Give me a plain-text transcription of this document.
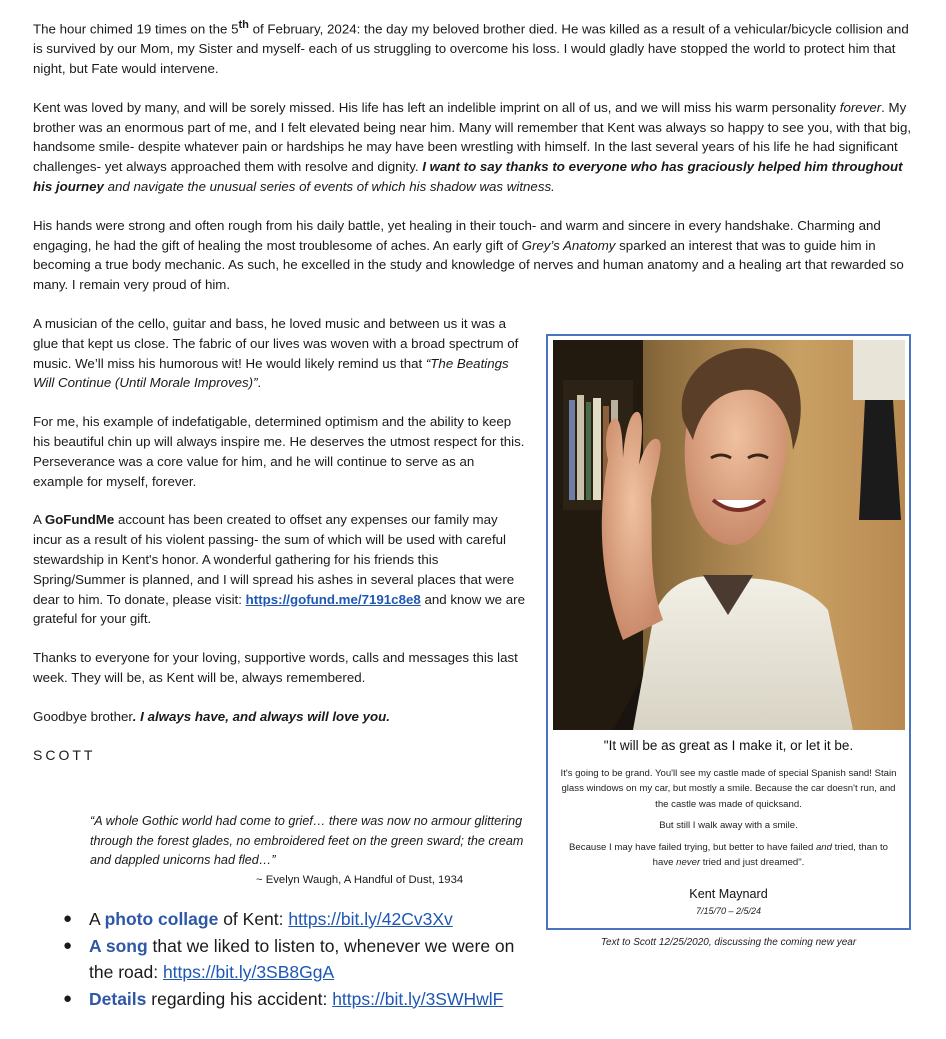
The hour chimed 19 times on the 5th of February, 2024: the day my beloved brother died. He was killed as a result of a vehicular/bicycle collision and is survived by our Mom, my Sister and myself- each of us struggling to overcome his loss. I would gladly have stopped the world to protect him that night, but Fate would intervene.

Kent was loved by many, and will be sorely missed. His life has left an indelible imprint on all of us, and we will miss his warm personality forever. My brother was an enormous part of me, and I felt elevated being near him. Many will remember that Kent was always so happy to see you, with that big, handsome smile- despite whatever pain or hardships he may have been wrestling with himself. In the last several years of his life he had significant challenges- yet always approached them with resolve and dignity. I want to say thanks to everyone who has graciously helped him throughout his journey and navigate the unusual series of events of which his shadow was witness.

His hands were strong and often rough from his daily battle, yet healing in their touch- and warm and sincere in every handshake. Charming and engaging, he had the gift of healing the most troublesome of aches. An early gift of Grey’s Anatomy sparked an interest that was to guide him in becoming a true body mechanic. As such, he excelled in the study and knowledge of nerves and human anatomy and a healing art that rewarded so many. I remain very proud of him.

A musician of the cello, guitar and bass, he loved music and between us it was a glue that kept us close. The fabric of our lives was woven with a broad spectrum of music. We’ll miss his humorous wit! He would likely remind us that “The Beatings Will Continue (Until Morale Improves)”.

For me, his example of indefatigable, determined optimism and the ability to keep his beautiful chin up will always inspire me. He deserves the utmost respect for this. Perseverance was a core value for him, and he will continue to serve as an example for myself, forever.

A GoFundMe account has been created to offset any expenses our family may incur as a result of his violent passing- the sum of which will be used with careful stewardship in Kent's honor. A wonderful gathering for his friends this Spring/Summer is planned, and I will spread his ashes in several places that were dear to him. To donate, please visit: https://gofund.me/7191c8e8 and know we are grateful for your gift.

Thanks to everyone for your loving, supportive words, calls and messages this last week. They will be, as Kent will be, always remembered.

Goodbye brother. I always have, and always will love you.

SCOTT
“A whole Gothic world had come to grief… there was now no armour glittering through the forest glades, no embroidered feet on the green sward; the cream and dappled unicorns had fled…”
~ Evelyn Waugh, A Handful of Dust, 1934
● A photo collage of Kent: https://bit.ly/42Cv3Xv
● A song that we liked to listen to, whenever we were on the road: https://bit.ly/3SB8GgA
● Details regarding his accident: https://bit.ly/3SWHwlF
"It will be as great as I make it, or let it be.
It's going to be grand. You'll see my castle made of special Spanish sand! Stain glass windows on my car, but mostly a smile. Because the car doesn't run, and the castle was made of quicksand.
But still I walk away with a smile.
Because I may have failed trying, but better to have failed and tried, than to have never tried and just dreamed".
Kent Maynard
7/15/70 – 2/5/24
Text to Scott 12/25/2020, discussing the coming new year
